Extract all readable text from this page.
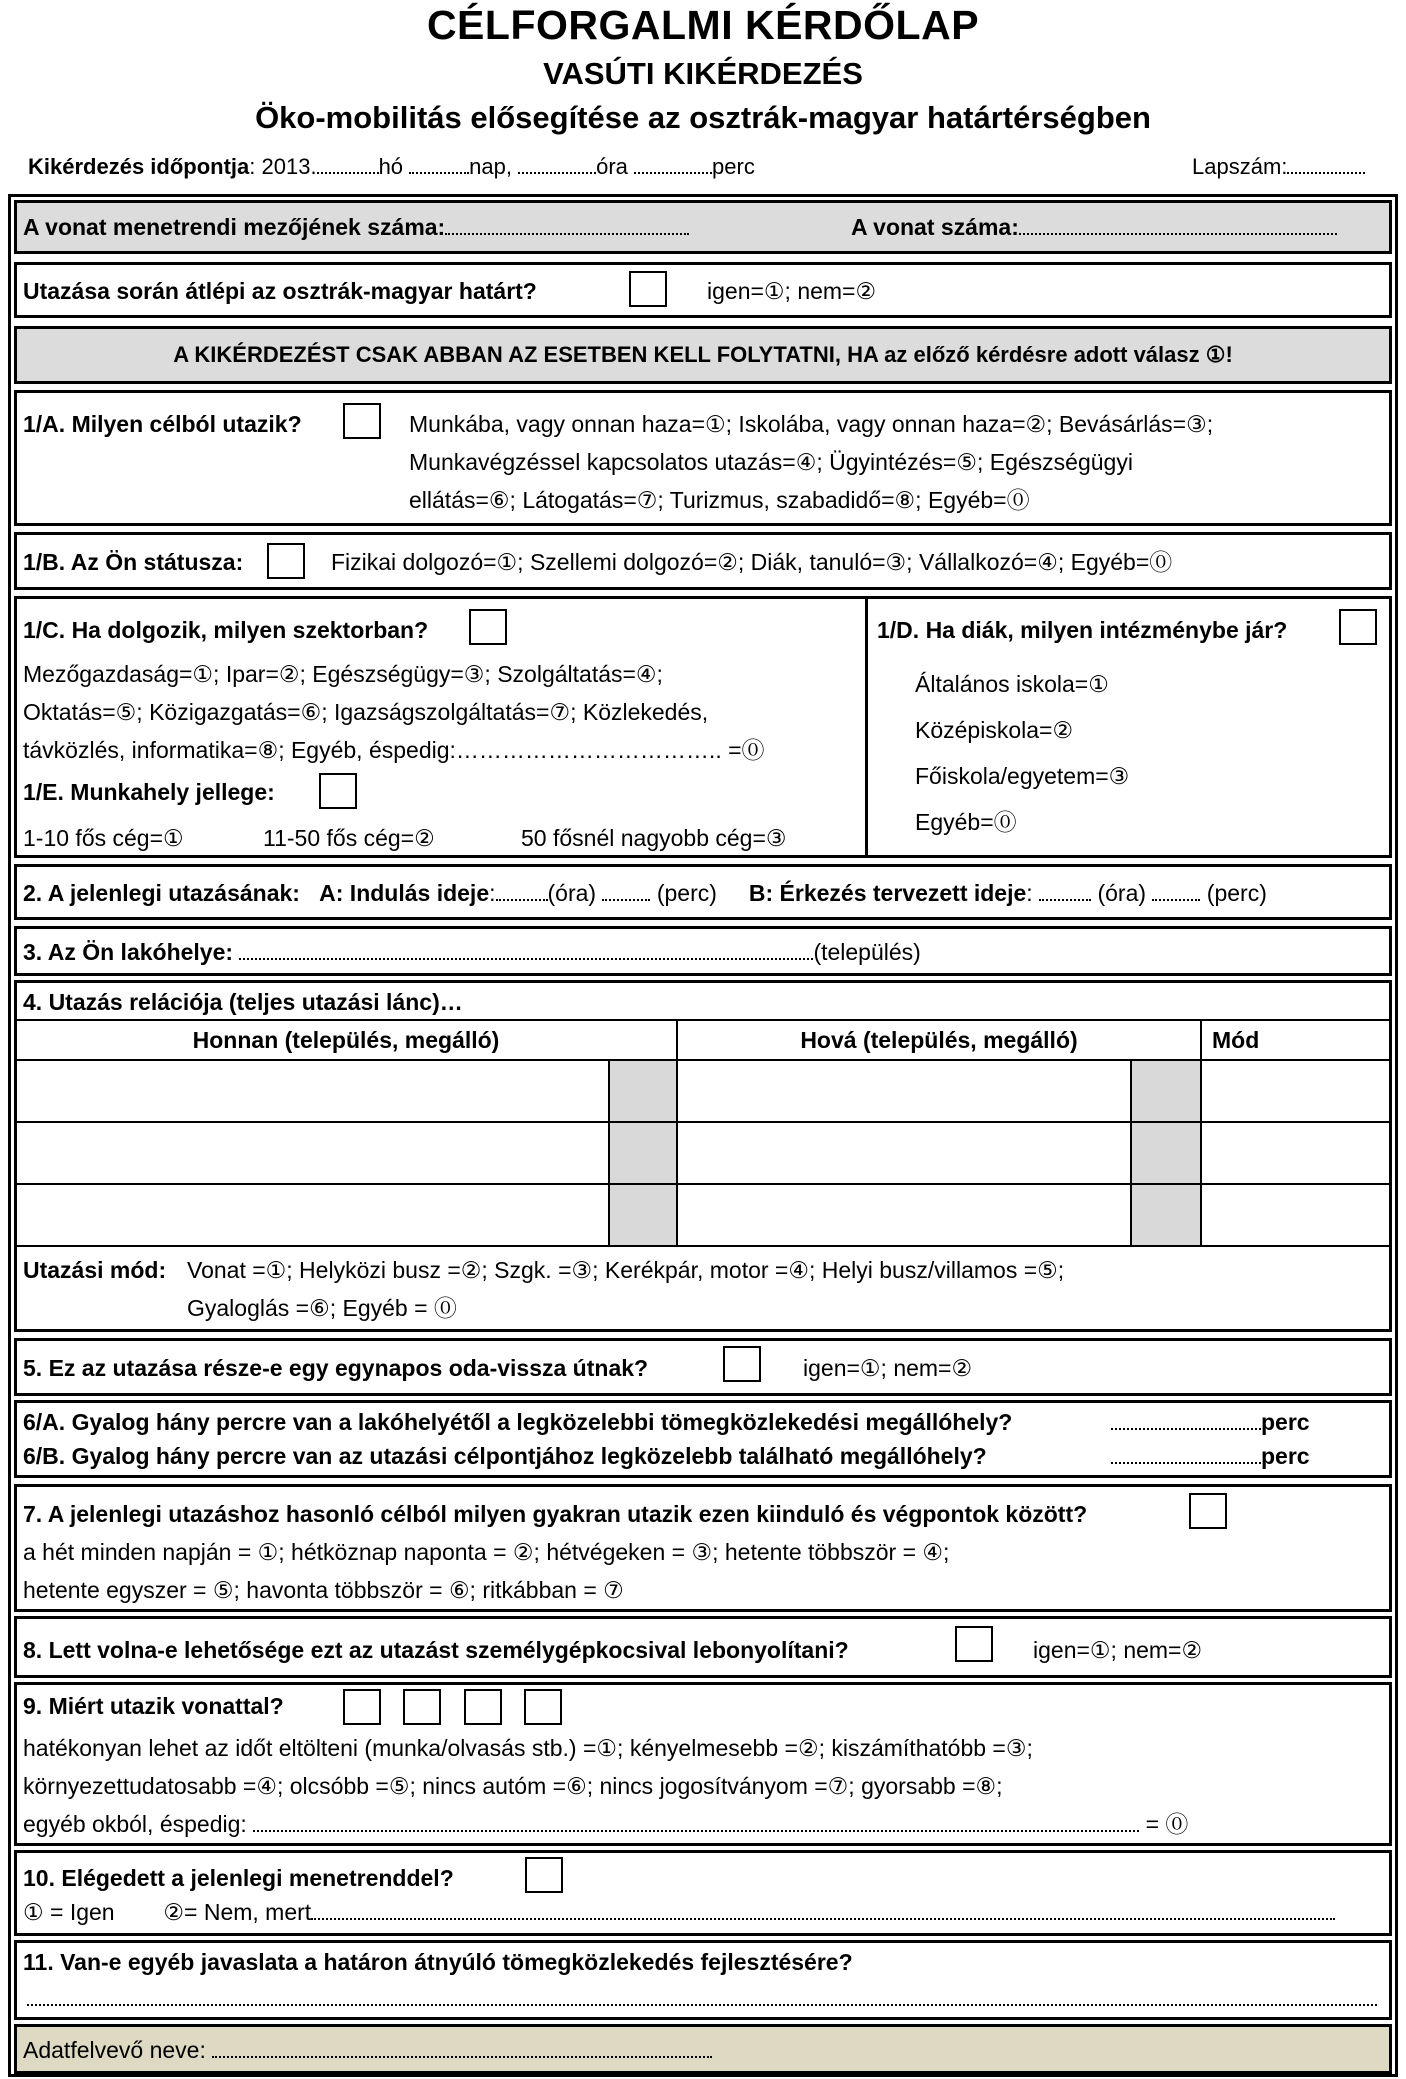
CÉLFORGALMI KÉRDŐLAP
VASÚTI KIKÉRDEZÉS
Öko-mobilitás elősegítése az osztrák-magyar határtérségben
Kikérdezés időpontja: 2013.	hó	nap,	óra	perc	Lapszám:
A vonat menetrendi mezőjének száma:	A vonat száma:
Utazása során átlépi az osztrák-magyar határt?	igen=①; nem=②
A KIKÉRDEZÉST CSAK ABBAN AZ ESETBEN KELL FOLYTATNI, HA az előző kérdésre adott válasz ①!
1/A. Milyen célból utazik?	Munkába, vagy onnan haza=①; Iskolába, vagy onnan haza=②; Bevásárlás=③;
Munkavégzéssel kapcsolatos utazás=④; Ügyintézés=⑤; Egészségügyi
ellátás=⑥; Látogatás=⑦; Turizmus, szabadidő=⑧; Egyéb=⓪
1/B. Az Ön státusza:	Fizikai dolgozó=①; Szellemi dolgozó=②; Diák, tanuló=③; Vállalkozó=④; Egyéb=⓪
1/C. Ha dolgozik, milyen szektorban?
Mezőgazdaság=①; Ipar=②; Egészségügy=③; Szolgáltatás=④;
Oktatás=⑤; Közigazgatás=⑥; Igazságszolgáltatás=⑦; Közlekedés,
távközlés, informatika=⑧; Egyéb, éspedig:…………………………….. =⓪
1/E. Munkahely jellege:
1-10 fős cég=①	11-50 fős cég=②	50 fősnél nagyobb cég=③
1/D. Ha diák, milyen intézménybe jár?
Általános iskola=①
Középiskola=②
Főiskola/egyetem=③
Egyéb=⓪
2. A jelenlegi utazásának: A: Indulás ideje: (óra)	(perc) B: Érkezés tervezett ideje:	(óra)	(perc)
3. Az Ön lakóhelye:	(település)
4. Utazás relációja (teljes utazási lánc)…
Honnan (település, megálló)		Hová (település, megálló)		Mód

Utazási mód: Vonat =①; Helyközi busz =②; Szgk. =③; Kerékpár, motor =④; Helyi busz/villamos =⑤;
Gyaloglás =⑥; Egyéb = ⓪
5. Ez az utazása része-e egy egynapos oda-vissza útnak?	igen=①; nem=②
6/A. Gyalog hány percre van a lakóhelyétől a legközelebbi tömegközlekedési megállóhely?	perc
6/B. Gyalog hány percre van az utazási célpontjához legközelebb található megállóhely?	perc
7. A jelenlegi utazáshoz hasonló célból milyen gyakran utazik ezen kiinduló és végpontok között?
a hét minden napján = ①; hétköznap naponta = ②; hétvégeken = ③; hetente többször = ④;
hetente egyszer = ⑤; havonta többször = ⑥; ritkábban = ⑦
8. Lett volna-e lehetősége ezt az utazást személygépkocsival lebonyolítani?	igen=①; nem=②
9. Miért utazik vonattal?

hatékonyan lehet az időt eltölteni (munka/olvasás stb.) =①; kényelmesebb =②; kiszámíthatóbb =③;
környezettudatosabb =④; olcsóbb =⑤; nincs autóm =⑥; nincs jogosítványom =⑦; gyorsabb =⑧;
egyéb okból, éspedig:	= ⓪
10. Elégedett a jelenlegi menetrenddel?
① = Igen ②= Nem, mert
11. Van-e egyéb javaslata a határon átnyúló tömegközlekedés fejlesztésére?
Adatfelvevő neve:
